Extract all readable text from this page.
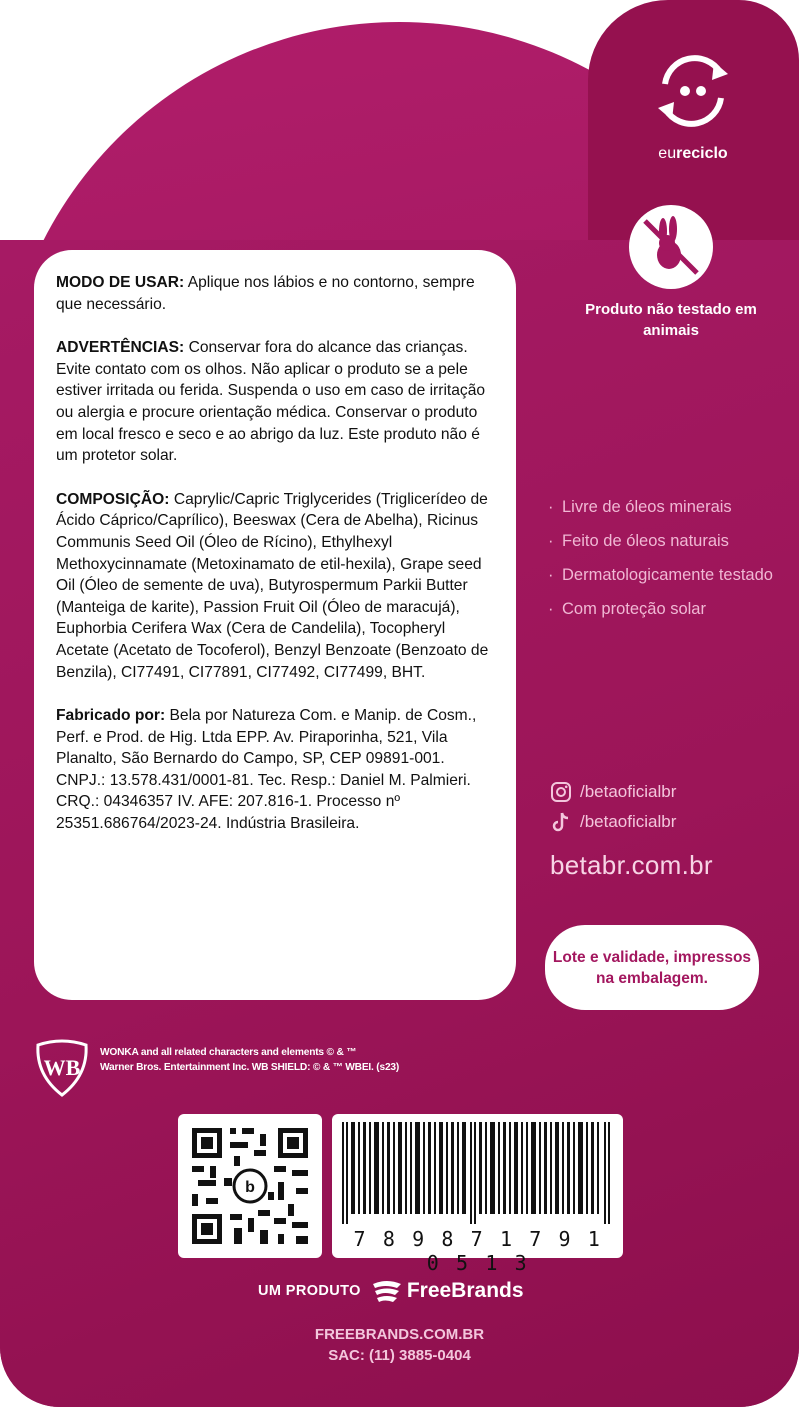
eureciclo
Produto não testado em animais

MODO DE USAR: Aplique nos lábios e no contorno, sempre que necessário.

ADVERTÊNCIAS: Conservar fora do alcance das crianças. Evite contato com os olhos. Não aplicar o produto se a pele estiver irritada ou ferida. Suspenda o uso em caso de irritação ou alergia e procure orientação médica. Conservar o produto em local fresco e seco e ao abrigo da luz. Este produto não é um protetor solar.

COMPOSIÇÃO: Caprylic/Capric Triglycerides (Triglicerídeo de Ácido Cáprico/Caprílico), Beeswax (Cera de Abelha), Ricinus Communis Seed Oil (Óleo de Rícino), Ethylhexyl Methoxycinnamate (Metoxinamato de etil-hexila), Grape seed Oil (Óleo de semente de uva), Butyrospermum Parkii Butter (Manteiga de karite), Passion Fruit Oil (Óleo de maracujá), Euphorbia Cerifera Wax (Cera de Candelila), Tocopheryl Acetate (Acetato de Tocoferol), Benzyl Benzoate (Benzoato de Benzila), CI77491, CI77891, CI77492, CI77499, BHT.

Fabricado por: Bela por Natureza Com. e Manip. de Cosm., Perf. e Prod. de Hig. Ltda EPP. Av. Piraporinha, 521, Vila Planalto, São Bernardo do Campo, SP, CEP 09891-001. CNPJ.: 13.578.431/0001-81. Tec. Resp.: Daniel M. Palmieri. CRQ.: 04346357 IV. AFE: 207.816-1. Processo nº 25351.686764/2023-24. Indústria Brasileira.

· Livre de óleos minerais
· Feito de óleos naturais
· Dermatologicamente testado
· Com proteção solar
/betaoficialbr
/betaoficialbr
betabr.com.br
Lote e validade, impressos na embalagem.
WB
WONKA and all related characters and elements © & ™
Warner Bros. Entertainment Inc. WB SHIELD: © & ™ WBEI. (s23)
b
7 8 9 8 7 1 7 9 1 0 5 1 3
UM PRODUTO FreeBrands
FREEBRANDS.COM.BR
SAC: (11) 3885-0404
